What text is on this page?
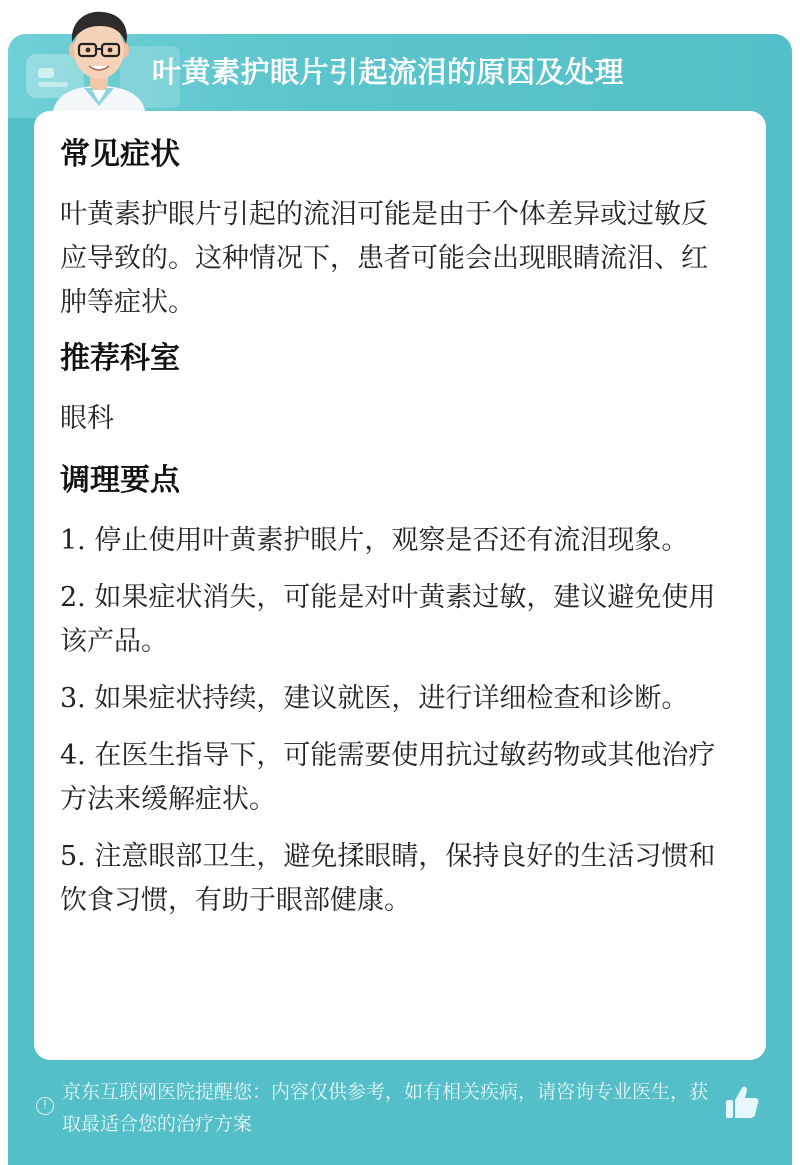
叶黄素护眼片引起流泪的原因及处理
常见症状
叶黄素护眼片引起的流泪可能是由于个体差异或过敏反应导致的。这种情况下，患者可能会出现眼睛流泪、红肿等症状。
推荐科室
眼科
调理要点
1. 停止使用叶黄素护眼片，观察是否还有流泪现象。
2. 如果症状消失，可能是对叶黄素过敏，建议避免使用该产品。
3. 如果症状持续，建议就医，进行详细检查和诊断。
4. 在医生指导下，可能需要使用抗过敏药物或其他治疗方法来缓解症状。
5. 注意眼部卫生，避免揉眼睛，保持良好的生活习惯和饮食习惯，有助于眼部健康。
!
京东互联网医院提醒您：内容仅供参考，如有相关疾病，请咨询专业医生，获取最适合您的治疗方案
